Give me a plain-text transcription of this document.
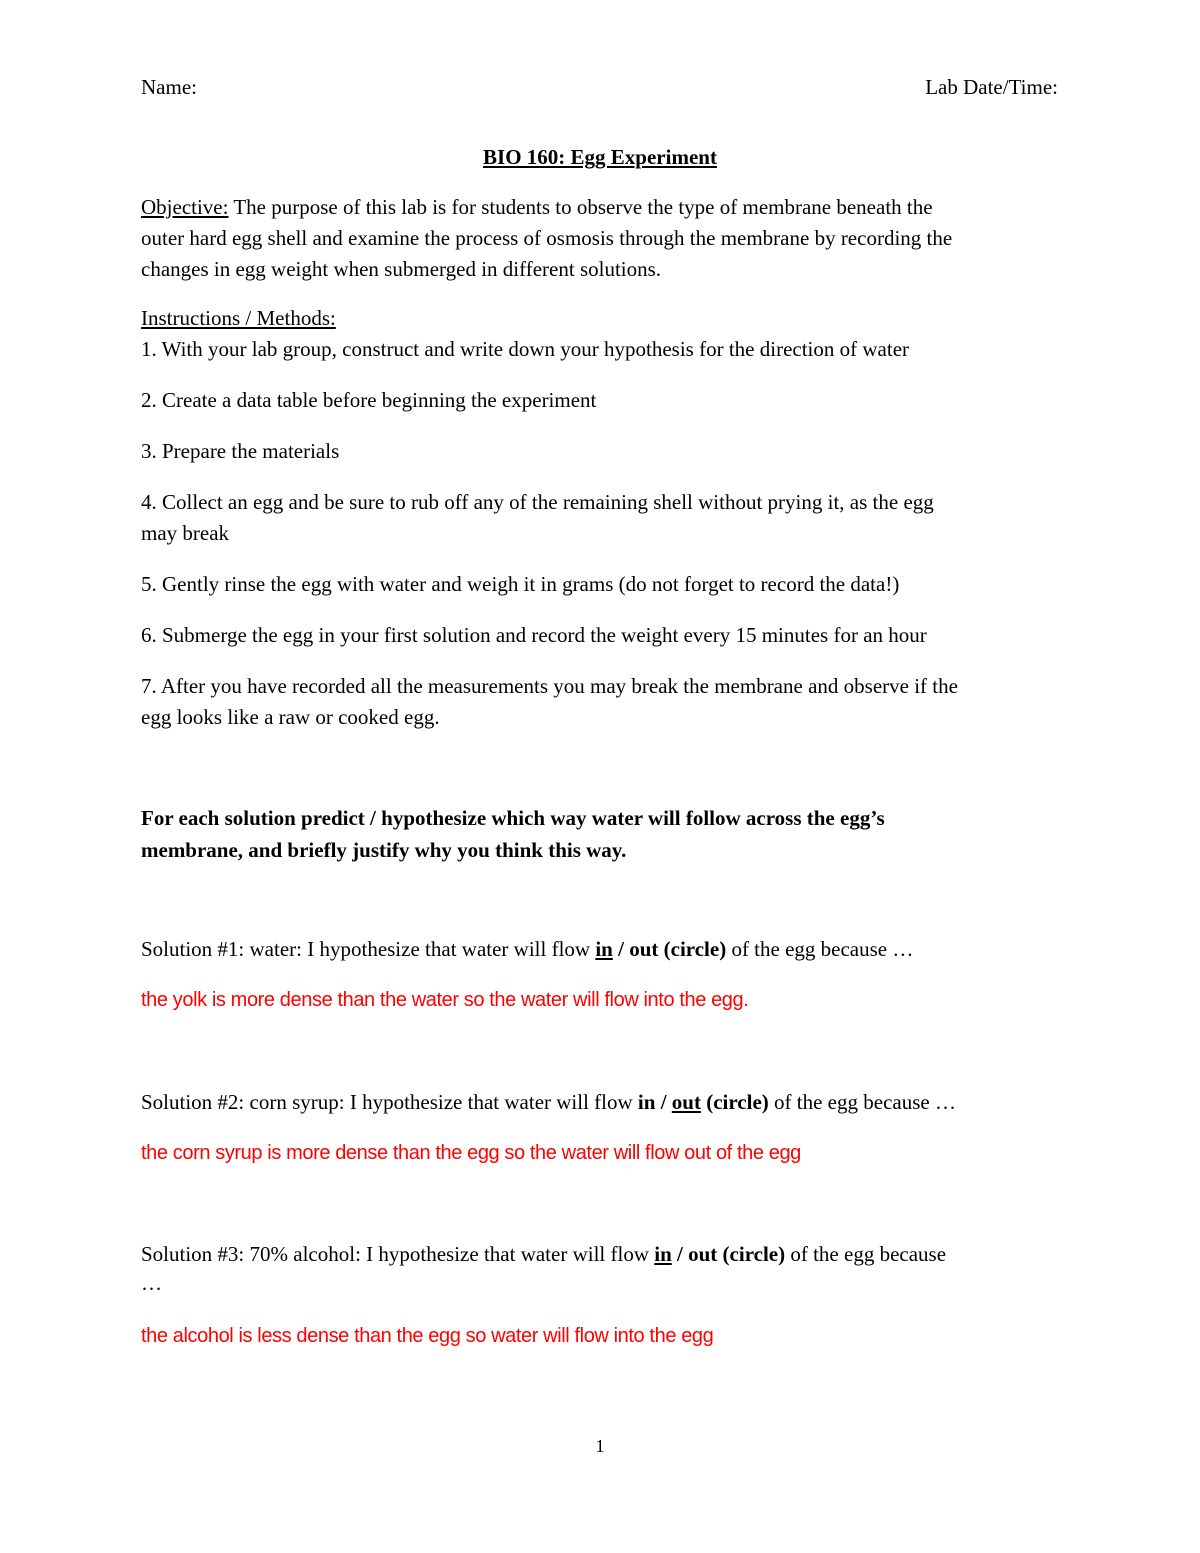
Name:	Lab Date/Time:
BIO 160: Egg Experiment
Objective: The purpose of this lab is for students to observe the type of membrane beneath the
outer hard egg shell and examine the process of osmosis through the membrane by recording the
changes in egg weight when submerged in different solutions.
Instructions / Methods:
1. With your lab group, construct and write down your hypothesis for the direction of water
2. Create a data table before beginning the experiment
3. Prepare the materials
4. Collect an egg and be sure to rub off any of the remaining shell without prying it, as the egg
may break
5. Gently rinse the egg with water and weigh it in grams (do not forget to record the data!)
6. Submerge the egg in your first solution and record the weight every 15 minutes for an hour
7. After you have recorded all the measurements you may break the membrane and observe if the
egg looks like a raw or cooked egg.
For each solution predict / hypothesize which way water will follow across the egg’s
membrane, and briefly justify why you think this way.
Solution #1: water: I hypothesize that water will flow in / out (circle) of the egg because …
the yolk is more dense than the water so the water will flow into the egg.
Solution #2: corn syrup: I hypothesize that water will flow in / out (circle) of the egg because …
the corn syrup is more dense than the egg so the water will flow out of the egg
Solution #3: 70% alcohol: I hypothesize that water will flow in / out (circle) of the egg because
…
the alcohol is less dense than the egg so water will flow into the egg
1
